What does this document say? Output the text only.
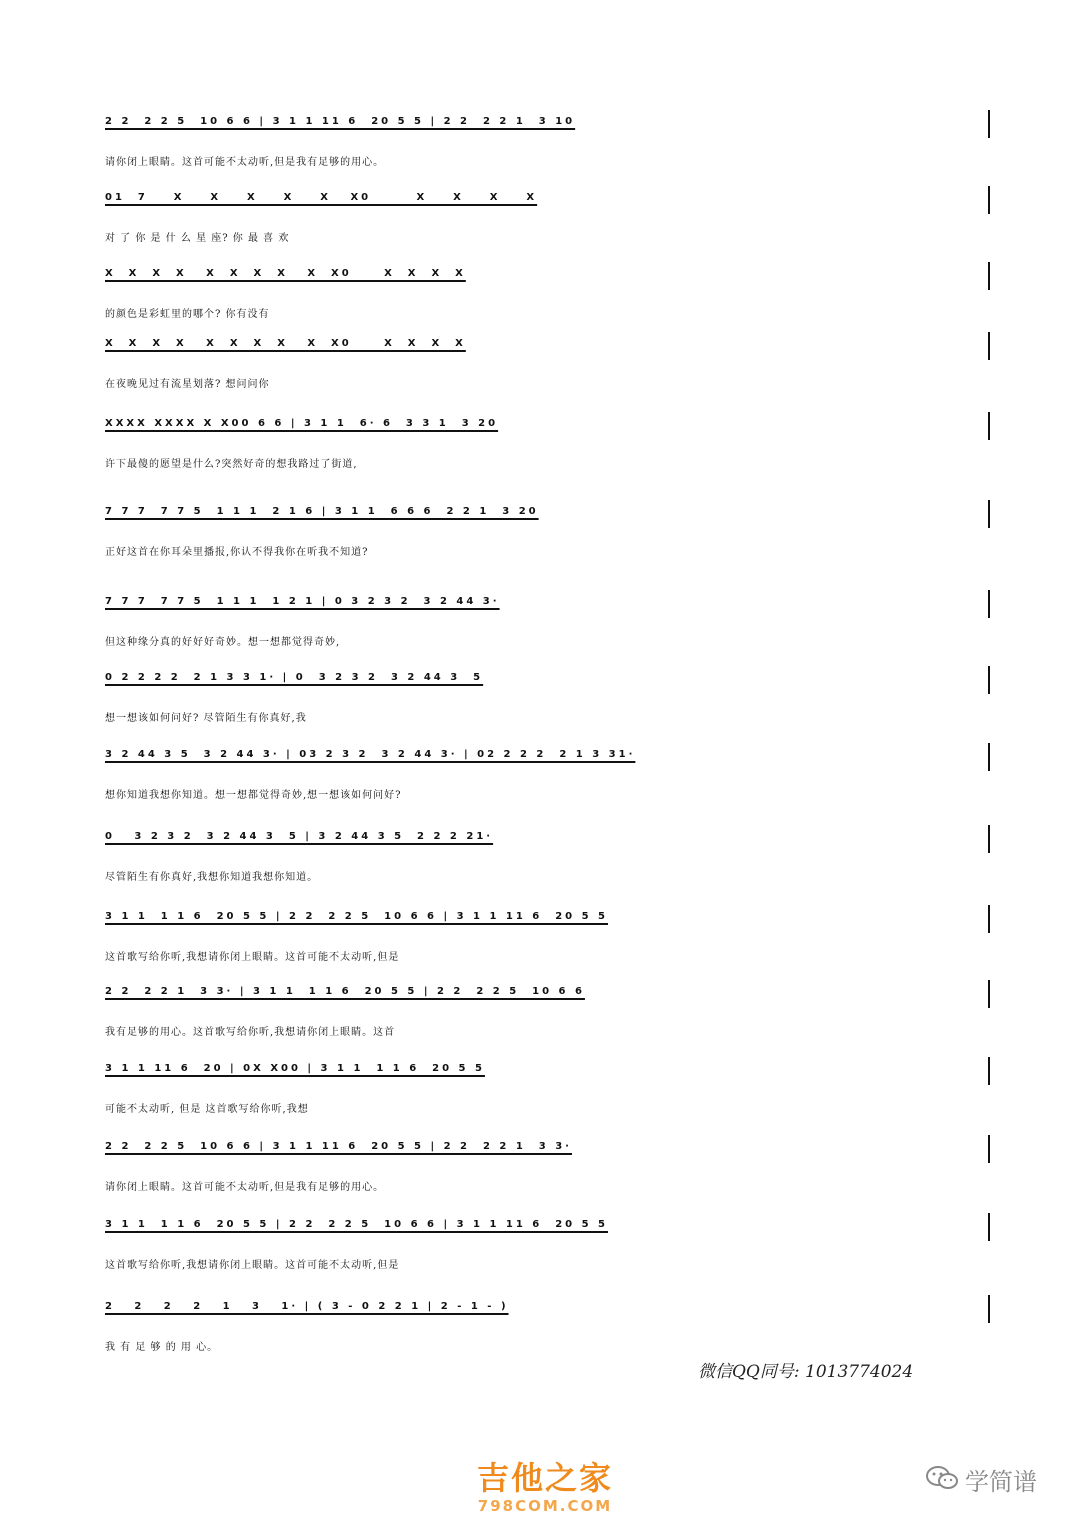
2 2  2 2 5  10 6 6 | 3 1 1 11 6  20 5 5 | 2 2  2 2 1  3 10
请你闭上眼睛。这首可能不太动听,但是我有足够的用心。
01  7    X    X    X    X    X   X0       X    X    X    X
对 了 你 是 什 么 星 座? 你 最 喜 欢
X  X  X  X   X  X  X  X   X  X0     X  X  X  X
的颜色是彩虹里的哪个? 你有没有
X  X  X  X   X  X  X  X   X  X0     X  X  X  X
在夜晚见过有流星划落? 想问问你
XXXX XXXX X X00 6 6 | 3 1 1  6· 6  3 3 1  3 20
许下最傻的愿望是什么?突然好奇的想我路过了街道,
7 7 7  7 7 5  1 1 1  2 1 6 | 3 1 1  6 6 6  2 2 1  3 20
正好这首在你耳朵里播报,你认不得我你在听我不知道?
7 7 7  7 7 5  1 1 1  1 2 1 | 0 3 2 3 2  3 2 44 3·
但这种缘分真的好好好奇妙。想一想都觉得奇妙,
0 2 2 2 2  2 1 3 3 1· | 0  3 2 3 2  3 2 44 3  5
想一想该如何问好? 尽管陌生有你真好,我
3 2 44 3 5  3 2 44 3· | 03 2 3 2  3 2 44 3· | 02 2 2 2  2 1 3 31·
想你知道我想你知道。想一想都觉得奇妙,想一想该如何问好?
0   3 2 3 2  3 2 44 3  5 | 3 2 44 3 5  2 2 2 21·
尽管陌生有你真好,我想你知道我想你知道。
3 1 1  1 1 6  20 5 5 | 2 2  2 2 5  10 6 6 | 3 1 1 11 6  20 5 5
这首歌写给你听,我想请你闭上眼睛。这首可能不太动听,但是
2 2  2 2 1  3 3· | 3 1 1  1 1 6  20 5 5 | 2 2  2 2 5  10 6 6
我有足够的用心。这首歌写给你听,我想请你闭上眼睛。这首
3 1 1 11 6  20 | 0X X00 | 3 1 1  1 1 6  20 5 5
可能不太动听, 但是 这首歌写给你听,我想
2 2  2 2 5  10 6 6 | 3 1 1 11 6  20 5 5 | 2 2  2 2 1  3 3·
请你闭上眼睛。这首可能不太动听,但是我有足够的用心。
3 1 1  1 1 6  20 5 5 | 2 2  2 2 5  10 6 6 | 3 1 1 11 6  20 5 5
这首歌写给你听,我想请你闭上眼睛。这首可能不太动听,但是
2   2   2   2   1   3   1· | ( 3 - 0 2 2 1 | 2 - 1 - )
我 有 足 够 的 用 心。
微信QQ同号: 1013774024
吉他之家
798COM.COM
学简谱
